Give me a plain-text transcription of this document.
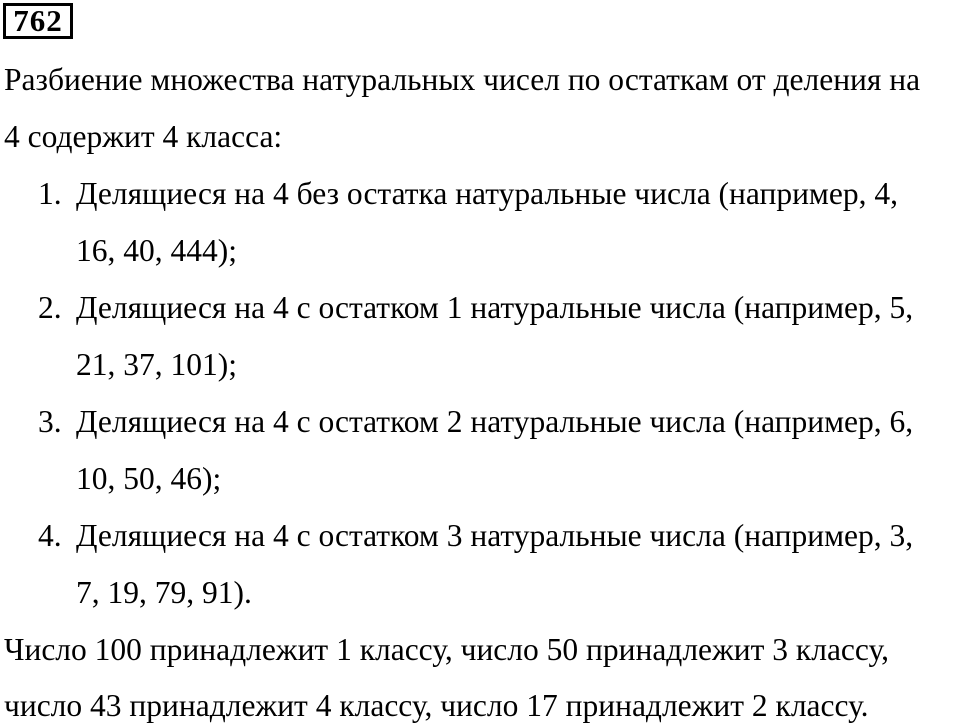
762
Разбиение множества натуральных чисел по остаткам от деления на
4 содержит 4 класса:
1. Делящиеся на 4 без остатка натуральные числа (например, 4,
16, 40, 444);
2. Делящиеся на 4 с остатком 1 натуральные числа (например, 5,
21, 37, 101);
3. Делящиеся на 4 с остатком 2 натуральные числа (например, 6,
10, 50, 46);
4. Делящиеся на 4 с остатком 3 натуральные числа (например, 3,
7, 19, 79, 91).
Число 100 принадлежит 1 классу, число 50 принадлежит 3 классу,
число 43 принадлежит 4 классу, число 17 принадлежит 2 классу.
